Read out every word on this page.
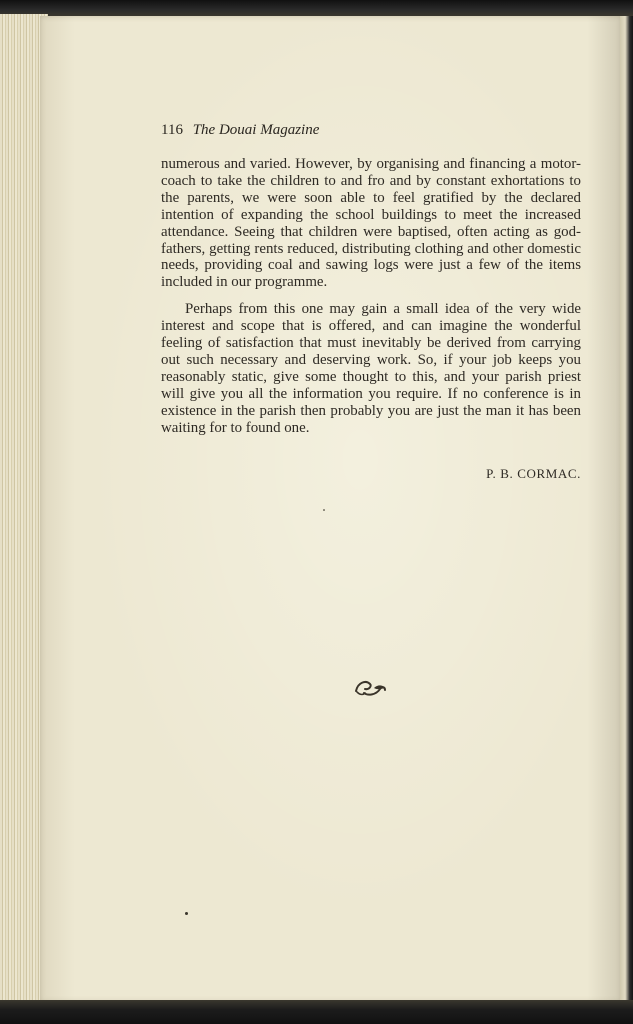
116 The Douai Magazine

numerous and varied. However, by organising and financing a motor-coach to take the children to and fro and by constant exhortations to the parents, we were soon able to feel gratified by the declared intention of expanding the school buildings to meet the increased attendance. Seeing that children were baptised, often acting as god-fathers, getting rents reduced, distributing clothing and other domestic needs, providing coal and sawing logs were just a few of the items included in our programme.

Perhaps from this one may gain a small idea of the very wide interest and scope that is offered, and can imagine the wonderful feeling of satisfaction that must inevitably be derived from carrying out such necessary and deserving work. So, if your job keeps you reasonably static, give some thought to this, and your parish priest will give you all the information you require. If no conference is in existence in the parish then probably you are just the man it has been waiting for to found one.

P. B. CORMAC.
